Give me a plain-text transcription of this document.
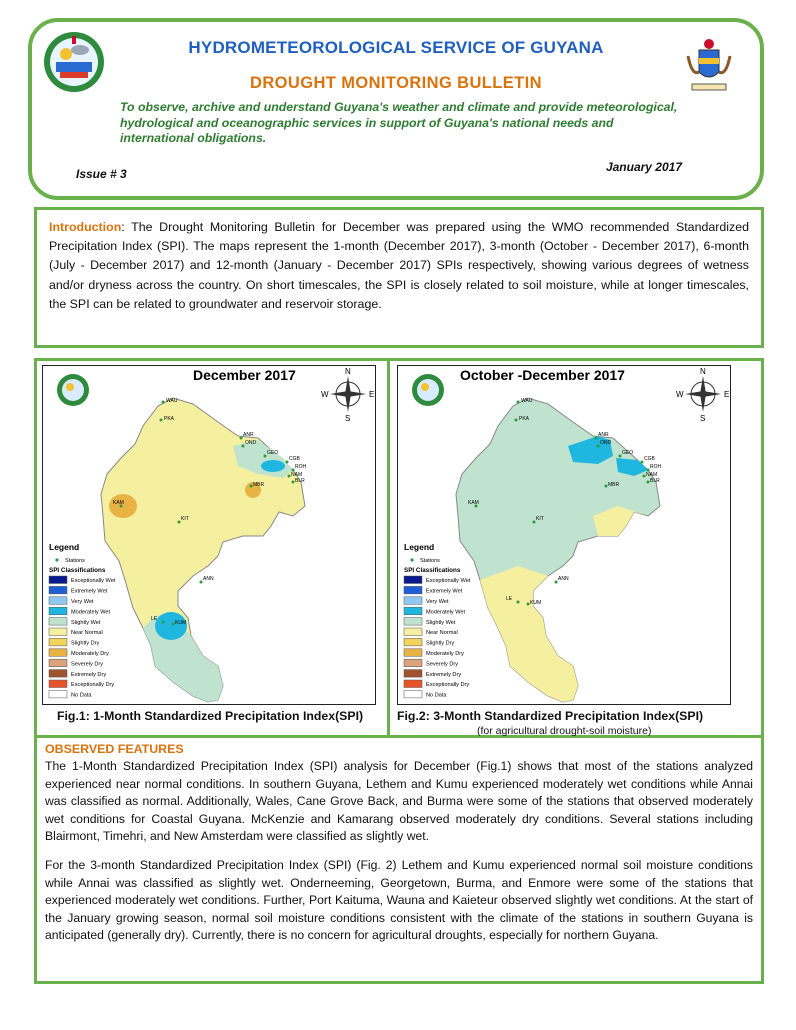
HYDROMETEOROLOGICAL SERVICE OF GUYANA
DROUGHT MONITORING BULLETIN
To observe, archive and understand Guyana's weather and climate and provide meteorological, hydrological and oceanographic services in support of Guyana's national needs and international obligations.
Issue # 3	January 2017
Introduction: The Drought Monitoring Bulletin for December was prepared using the WMO recommended Standardized Precipitation Index (SPI). The maps represent the 1-month (December 2017), 3-month (October - December 2017), 6-month (July - December 2017) and 12-month (January - December 2017) SPIs respectively, showing various degrees of wetness and/or dryness across the country. On short timescales, the SPI is closely related to soil moisture, while at longer timescales, the SPI can be related to groundwater and reservoir storage.
December 2017	N
E
S
W
WAU
PKA
ANR
OND
GEO
CGB
ROH
NAM
BLR
MBR
KAM
KIT
ANN
LE
KUM
Legend
Stations
SPI Classifications
Exceptionally Wet
Extremely Wet
Very Wet
Moderately Wet
Slightly Wet
Near Normal
Slightly Dry
Moderately Dry
Severely Dry
Extremely Dry
Exceptionally Dry
No Data
October -December 2017	N
E
S
W
WAU
PKA
ANR
OND
GEO
CGB
ROH
NAM
BLR
MBR
KAM
KIT
ANN
LE
KUM
Legend
Stations
SPI Classifications
Exceptionally Wet
Extremely Wet
Very Wet
Moderately Wet
Slightly Wet
Near Normal
Slightly Dry
Moderately Dry
Severely Dry
Extremely Dry
Exceptionally Dry
No Data
Fig.1: 1-Month Standardized Precipitation Index(SPI)	Fig.2: 3-Month Standardized Precipitation Index(SPI)
(for agricultural drought-soil moisture)
OBSERVED FEATURES

The 1-Month Standardized Precipitation Index (SPI) analysis for December (Fig.1) shows that most of the stations analyzed experienced near normal conditions. In southern Guyana, Lethem and Kumu experienced moderately wet conditions while Annai was classified as normal. Additionally, Wales, Cane Grove Back, and Burma were some of the stations that observed moderately wet conditions for Coastal Guyana. McKenzie and Kamarang observed moderately dry conditions. Several stations including Blairmont, Timehri, and New Amsterdam were classified as slightly wet.

For the 3-month Standardized Precipitation Index (SPI) (Fig. 2) Lethem and Kumu experienced normal soil moisture conditions while Annai was classified as slightly wet. Onderneeming, Georgetown, Burma, and Enmore were some of the stations that experienced moderately wet conditions. Further, Port Kaituma, Wauna and Kaieteur observed slightly wet conditions. At the start of the January growing season, normal soil moisture conditions consistent with the climate of the stations in southern Guyana is anticipated (generally dry). Currently, there is no concern for agricultural droughts, especially for northern Guyana.
